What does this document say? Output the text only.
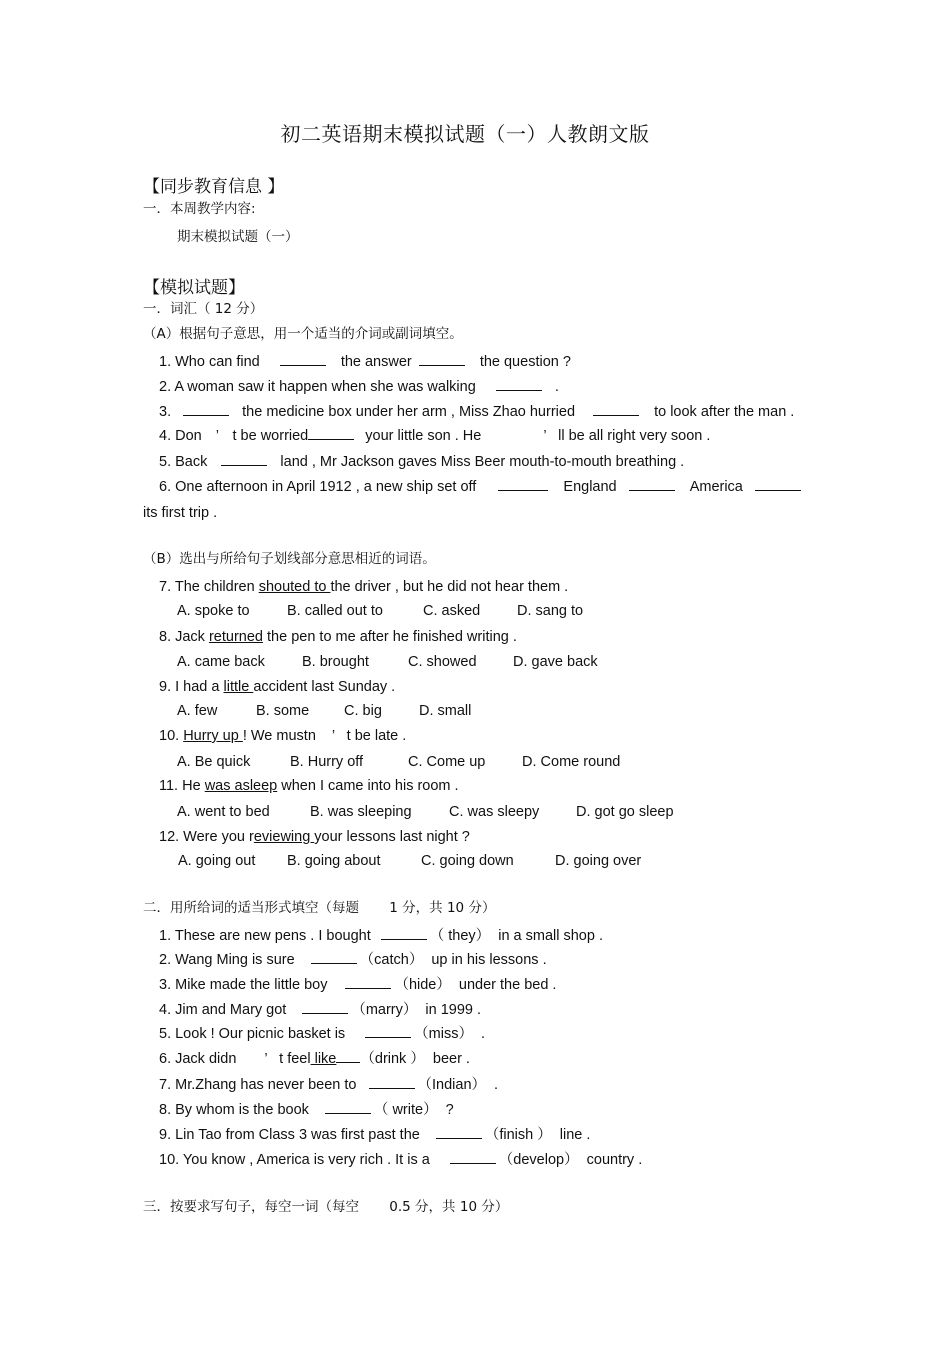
初二英语期末模拟试题（一）人教朗文版
【同步教育信息 】
一．本周教学内容:
期末模拟试题（一）
【模拟试题】
一．词汇（ 12 分）
（A）根据句子意思，用一个适当的介词或副词填空。
1. Who can find	the answer	the question ?
2. A woman saw it happen when she was walking	.
3.	the medicine box under her arm , Miss Zhao hurried	to look after the man .
4. Don ’ t be worried	your little son . He	’ ll be all right very soon .
5. Back	land , Mr Jackson gaves Miss Beer mouth-to-mouth breathing .
6. One afternoon in April 1912 , a new ship set off	England	America
its first trip .
（B）选出与所给句子划线部分意思相近的词语。
7. The children shouted to the driver , but he did not hear them .
A. spoke to	B. called out to	C. asked	D. sang to
8. Jack returned the pen to me after he finished writing .
A. came back	B. brought	C. showed	D. gave back
9. I had a little accident last Sunday .
A. few	B. some C. big	D. small
10. Hurry up ! We mustn ’ t be late .
A. Be quick	B. Hurry off	C. Come up	D. Come round
11. He was asleep when I came into his room .
A. went to bed	B. was sleeping	C. was sleepy	D. got go sleep
12. Were you reviewing your lessons last night ?
A. going out B. going about	C. going down	D. going over
二．用所给词的适当形式填空（每题 1 分，共 10 分）
1. These are new pens . I bought	（ they） in a small shop .
2. Wang Ming is sure	（catch） up in his lessons .
3. Mike made the little boy	（hide） under the bed .
4. Jim and Mary got	（marry） in 1999 .
5. Look ! Our picnic basket is	（miss） .
6. Jack didn ’ t feel like （drink ） beer .
7. Mr.Zhang has never been to	（Indian） .
8. By whom is the book	（ write） ?
9. Lin Tao from Class 3 was first past the	（finish ） line .
10. You know , America is very rich . It is a	（develop） country .
三．按要求写句子，每空一词（每空 0.5 分，共 10 分）
